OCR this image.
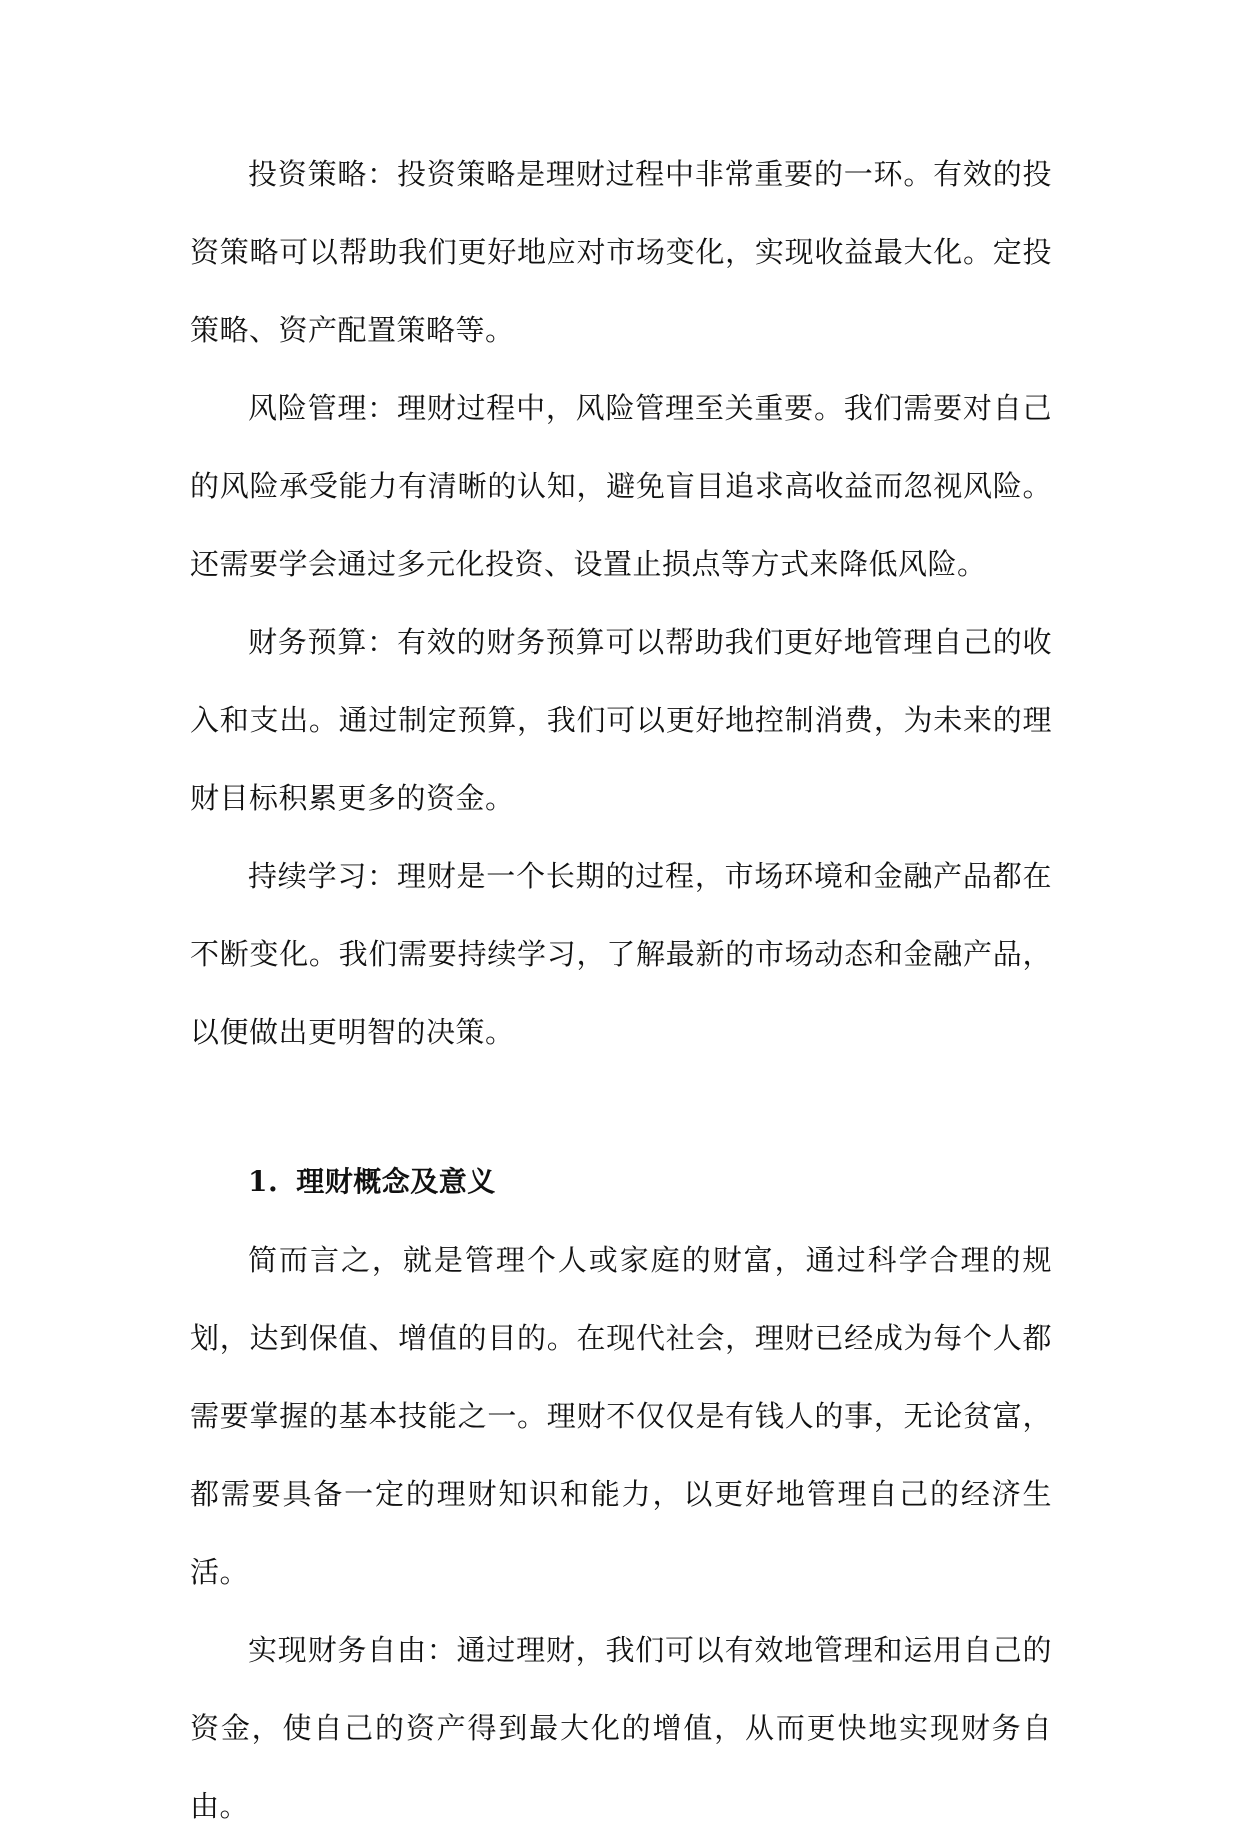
投资策略：投资策略是理财过程中非常重要的一环。有效的投资策略可以帮助我们更好地应对市场变化，实现收益最大化。定投策略、资产配置策略等。

风险管理：理财过程中，风险管理至关重要。我们需要对自己的风险承受能力有清晰的认知，避免盲目追求高收益而忽视风险。还需要学会通过多元化投资、设置止损点等方式来降低风险。

财务预算：有效的财务预算可以帮助我们更好地管理自己的收入和支出。通过制定预算，我们可以更好地控制消费，为未来的理财目标积累更多的资金。

持续学习：理财是一个长期的过程，市场环境和金融产品都在不断变化。我们需要持续学习，了解最新的市场动态和金融产品，以便做出更明智的决策。

1. 理财概念及意义

简而言之，就是管理个人或家庭的财富，通过科学合理的规划，达到保值、增值的目的。在现代社会，理财已经成为每个人都需要掌握的基本技能之一。理财不仅仅是有钱人的事，无论贫富，都需要具备一定的理财知识和能力，以更好地管理自己的经济生活。

实现财务自由：通过理财，我们可以有效地管理和运用自己的资金，使自己的资产得到最大化的增值，从而更快地实现财务自由。
